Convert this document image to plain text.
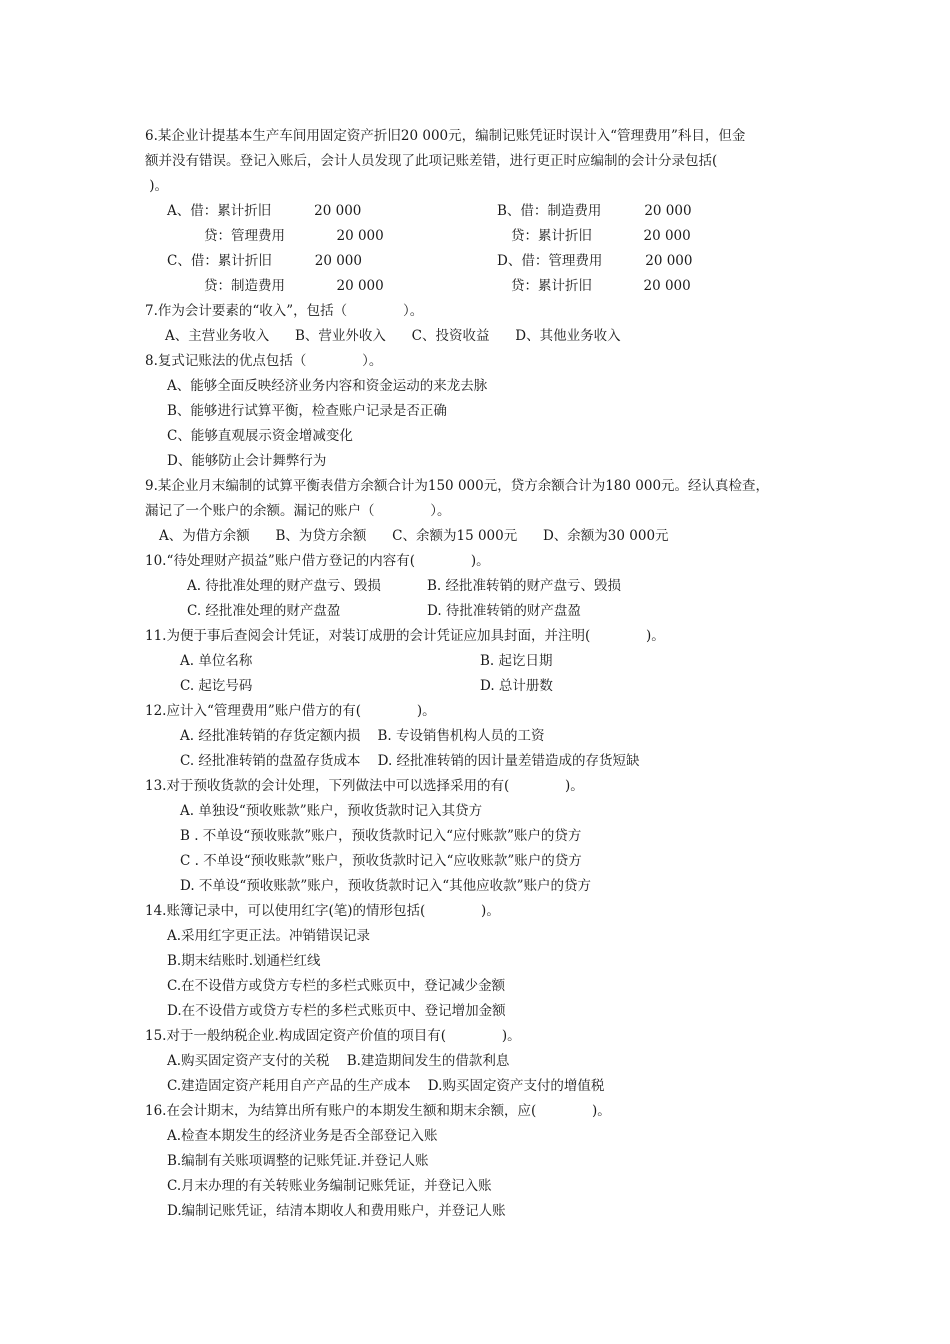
6.某企业计提基本生产车间用固定资产折旧20 000元，编制记账凭证时误计入“管理费用”科目，但金
额并没有错误。登记入账后，会计人员发现了此项记账差错，进行更正时应编制的会计分录包括(
)。
A、借：累计折旧          20 000	B、借：制造费用          20 000
贷：管理费用            20 000	贷：累计折旧            20 000
C、借：累计折旧          20 000	D、借：管理费用          20 000
贷：制造费用            20 000	贷：累计折旧            20 000
7.作为会计要素的“收入”，包括（             ）。
A、主营业务收入      B、营业外收入      C、投资收益      D、其他业务收入
8.复式记账法的优点包括（             ）。
A、能够全面反映经济业务内容和资金运动的来龙去脉
B、能够进行试算平衡，检查账户记录是否正确
C、能够直观展示资金增减变化
D、能够防止会计舞弊行为
9.某企业月末编制的试算平衡表借方余额合计为150 000元，贷方余额合计为180 000元。经认真检查，
漏记了一个账户的余额。漏记的账户（             ）。
A、为借方余额      B、为贷方余额      C、余额为15 000元      D、余额为30 000元
10.“待处理财产损益”账户借方登记的内容有(             )。
A. 待批准处理的财产盘亏、毁损	B. 经批准转销的财产盘亏、毁损
C. 经批准处理的财产盘盈	D. 待批准转销的财产盘盈
11.为便于事后查阅会计凭证，对装订成册的会计凭证应加具封面，并注明(             )。
A. 单位名称	B. 起讫日期
C. 起讫号码	D. 总计册数
12.应计入“管理费用”账户借方的有(             )。
A. 经批准转销的存货定额内损    B. 专设销售机构人员的工资
C. 经批准转销的盘盈存货成本    D. 经批准转销的因计量差错造成的存货短缺
13.对于预收货款的会计处理，下列做法中可以选择采用的有(             )。
A. 单独设“预收账款”账户，预收货款时记入其贷方
B . 不单设“预收账款”账户，预收货款时记入“应付账款”账户的贷方
C . 不单设“预收账款”账户，预收货款时记入“应收账款”账户的贷方
D. 不单设“预收账款”账户，预收货款时记入“其他应收款”账户的贷方
14.账簿记录中，可以使用红字(笔)的情形包括(             )。
A.采用红字更正法。冲销错误记录
B.期末结账时.划通栏红线
C.在不设借方或贷方专栏的多栏式账页中，登记减少金额
D.在不设借方或贷方专栏的多栏式账页中、登记增加金额
15.对于一般纳税企业.构成固定资产价值的项目有(             )。
A.购买固定资产支付的关税    B.建造期间发生的借款利息
C.建造固定资产耗用自产产品的生产成本    D.购买固定资产支付的增值税
16.在会计期末，为结算出所有账户的本期发生额和期末余额，应(             )。
A.检查本期发生的经济业务是否全部登记入账
B.编制有关账项调整的记账凭证.并登记人账
C.月末办理的有关转账业务编制记账凭证，并登记入账
D.编制记账凭证，结清本期收人和费用账户，并登记人账
